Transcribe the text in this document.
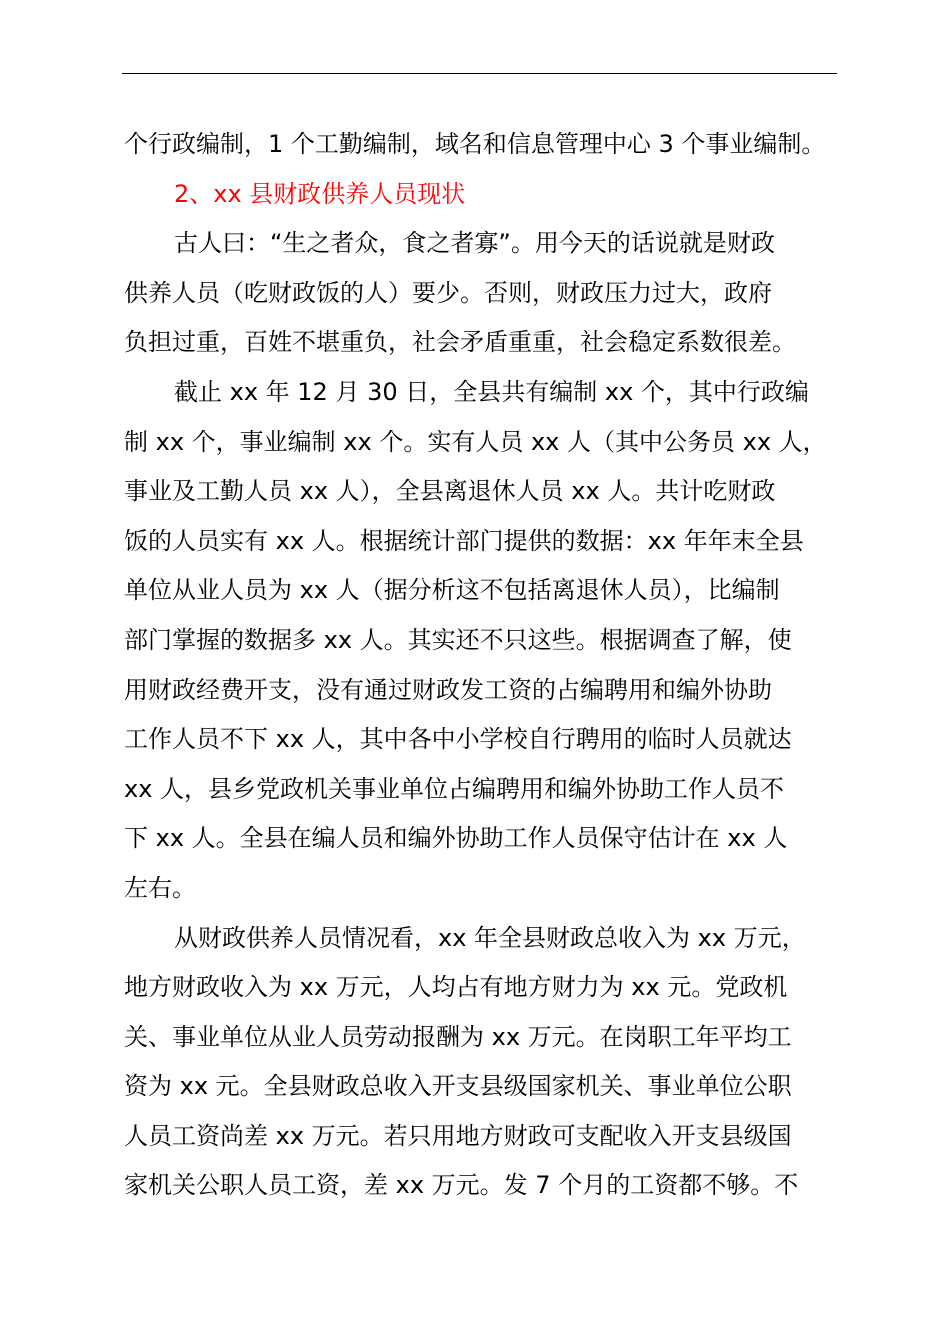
个行政编制，1 个工勤编制，域名和信息管理中心 3 个事业编制。
2、xx 县财政供养人员现状
古人曰：“生之者众，食之者寡”。用今天的话说就是财政
供养人员（吃财政饭的人）要少。否则，财政压力过大，政府
负担过重，百姓不堪重负，社会矛盾重重，社会稳定系数很差。
截止 xx 年 12 月 30 日，全县共有编制 xx 个，其中行政编
制 xx 个，事业编制 xx 个。实有人员 xx 人（其中公务员 xx 人，
事业及工勤人员 xx 人），全县离退休人员 xx 人。共计吃财政
饭的人员实有 xx 人。根据统计部门提供的数据：xx 年年末全县
单位从业人员为 xx 人（据分析这不包括离退休人员），比编制
部门掌握的数据多 xx 人。其实还不只这些。根据调查了解，使
用财政经费开支，没有通过财政发工资的占编聘用和编外协助
工作人员不下 xx 人，其中各中小学校自行聘用的临时人员就达
xx 人，县乡党政机关事业单位占编聘用和编外协助工作人员不
下 xx 人。全县在编人员和编外协助工作人员保守估计在 xx 人
左右。
从财政供养人员情况看，xx 年全县财政总收入为 xx 万元，
地方财政收入为 xx 万元，人均占有地方财力为 xx 元。党政机
关、事业单位从业人员劳动报酬为 xx 万元。在岗职工年平均工
资为 xx 元。全县财政总收入开支县级国家机关、事业单位公职
人员工资尚差 xx 万元。若只用地方财政可支配收入开支县级国
家机关公职人员工资，差 xx 万元。发 7 个月的工资都不够。不
